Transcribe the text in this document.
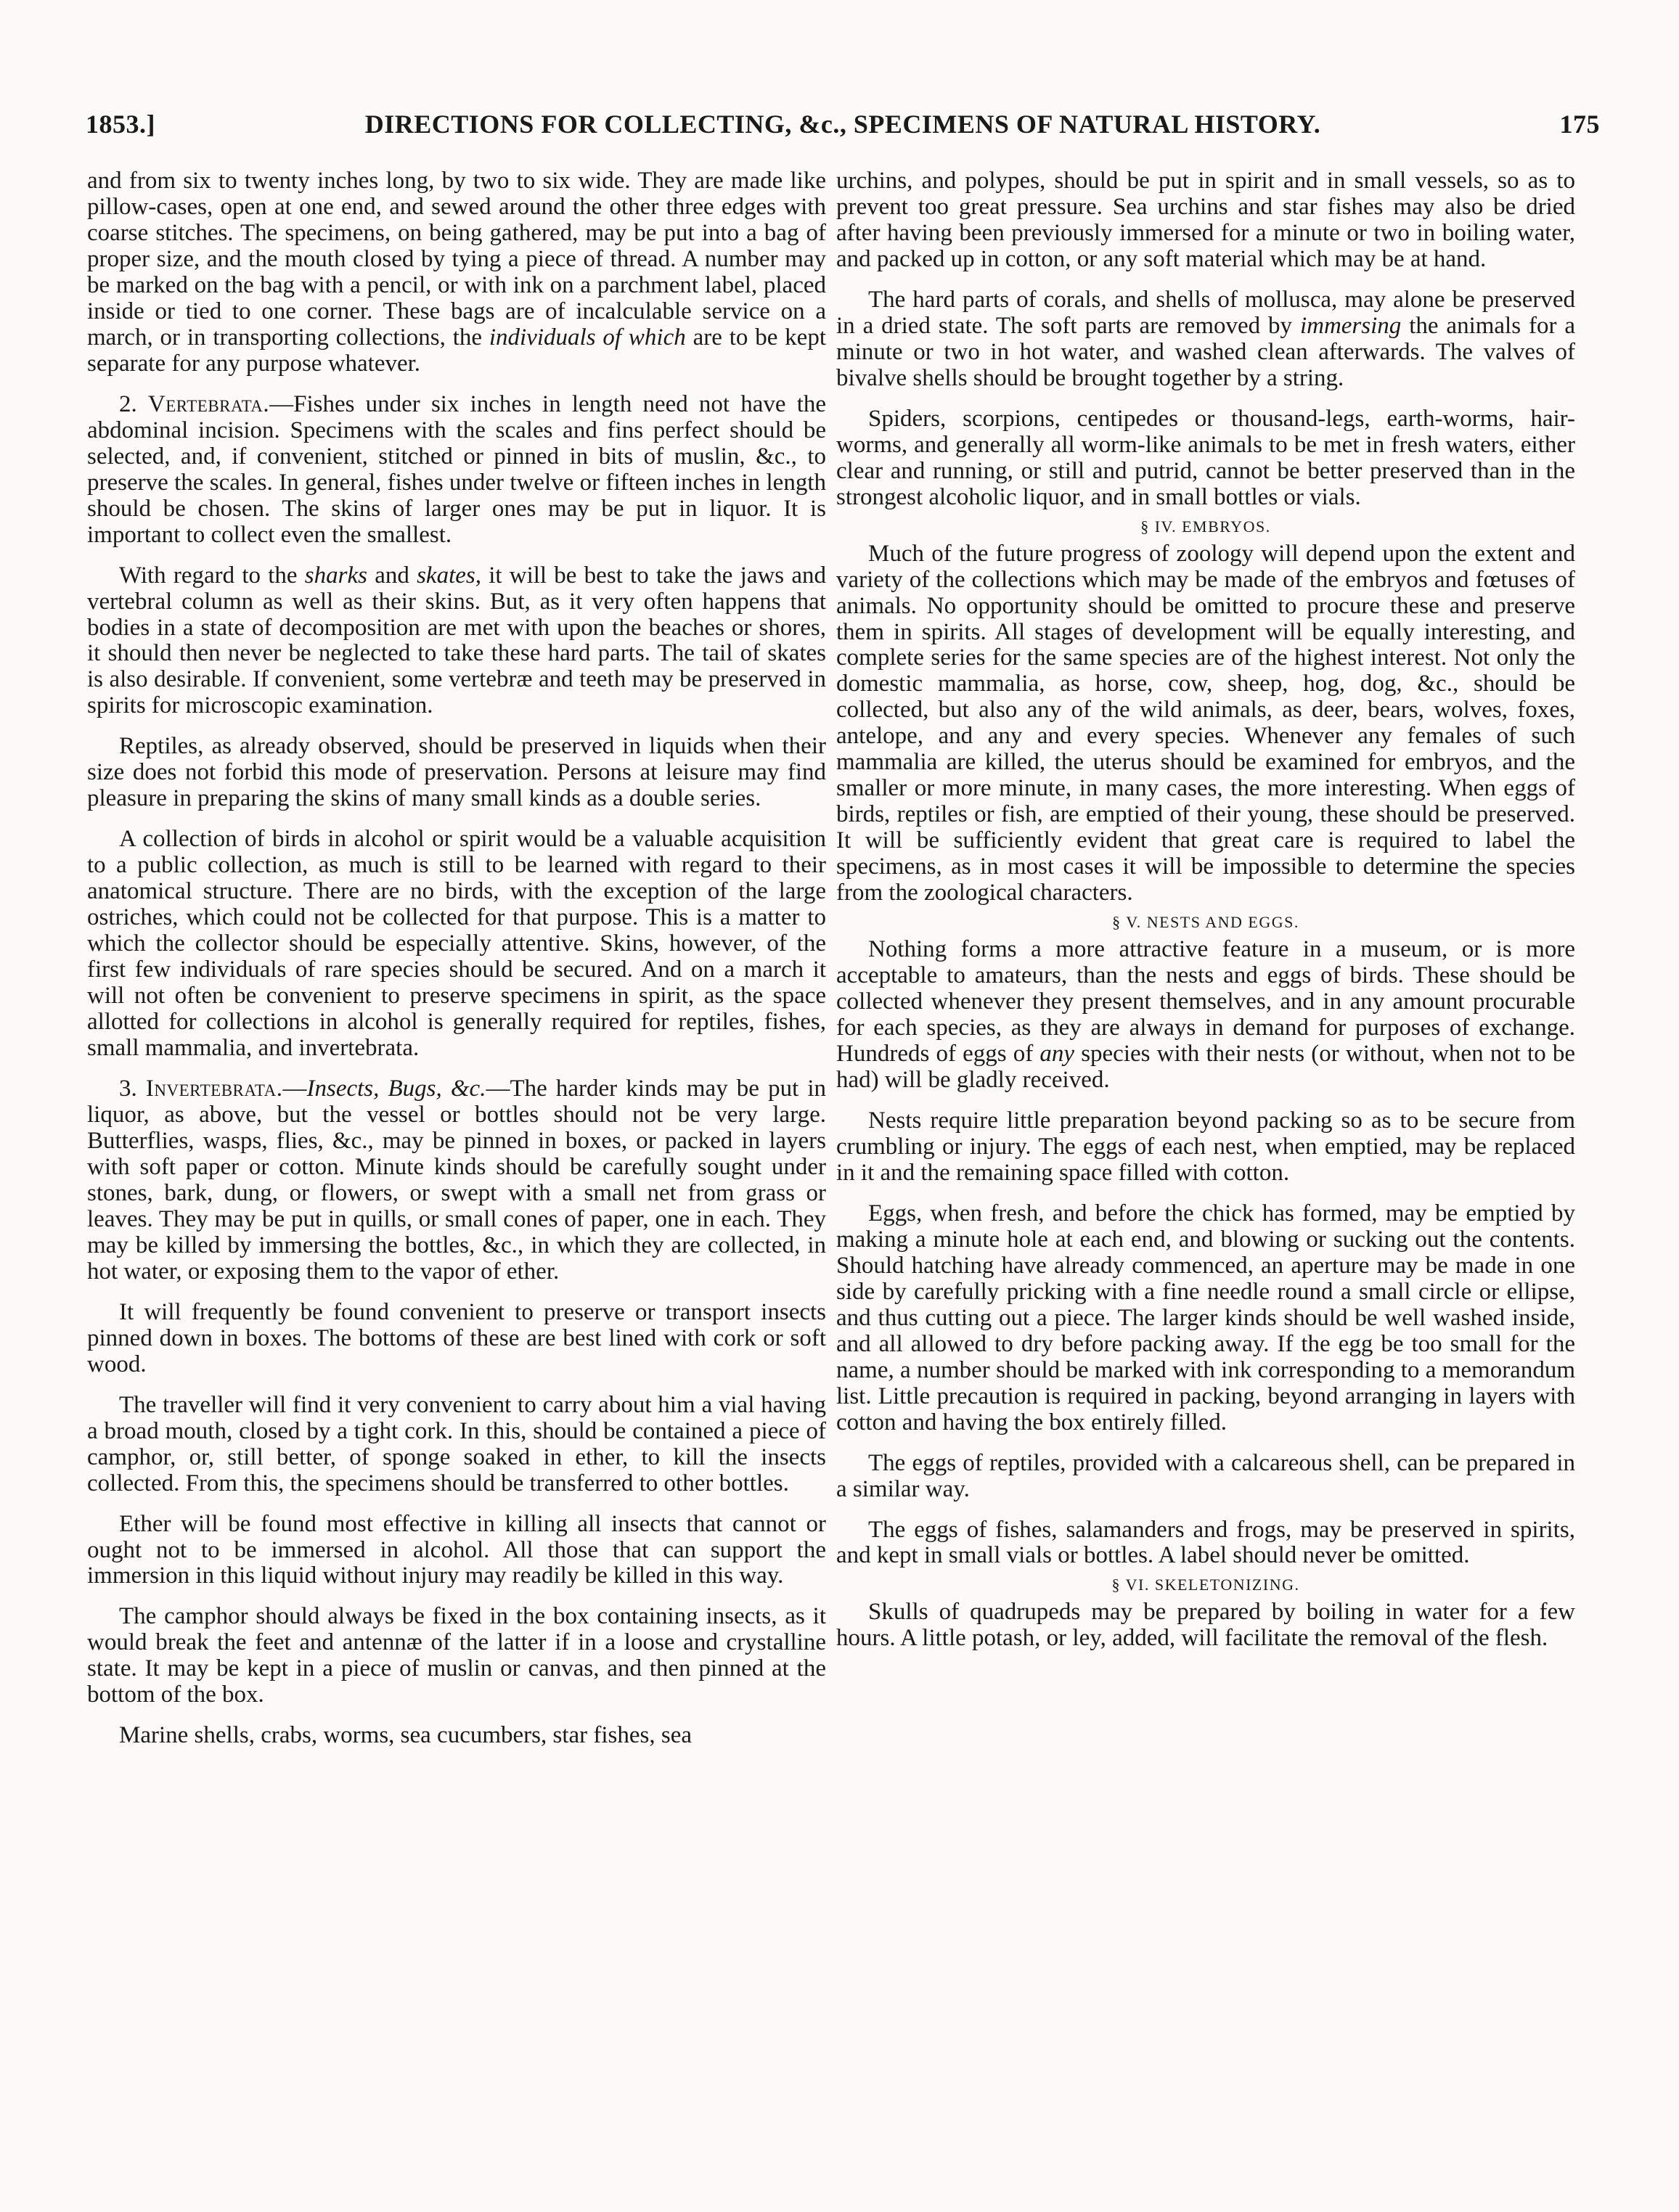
1853.]	DIRECTIONS FOR COLLECTING, &c., SPECIMENS OF NATURAL HISTORY.	175

and from six to twenty inches long, by two to six wide. They are made like pillow-cases, open at one end, and sewed around the other three edges with coarse stitches. The specimens, on being gathered, may be put into a bag of proper size, and the mouth closed by tying a piece of thread. A number may be marked on the bag with a pencil, or with ink on a parchment label, placed inside or tied to one corner. These bags are of incalculable service on a march, or in transporting collections, the individuals of which are to be kept separate for any purpose whatever.

2. Vertebrata.—Fishes under six inches in length need not have the abdominal incision. Specimens with the scales and fins perfect should be selected, and, if convenient, stitched or pinned in bits of muslin, &c., to preserve the scales. In general, fishes under twelve or fifteen inches in length should be chosen. The skins of larger ones may be put in liquor. It is important to collect even the smallest.

With regard to the sharks and skates, it will be best to take the jaws and vertebral column as well as their skins. But, as it very often happens that bodies in a state of decomposition are met with upon the beaches or shores, it should then never be neglected to take these hard parts. The tail of skates is also desirable. If convenient, some vertebræ and teeth may be preserved in spirits for microscopic examination.

Reptiles, as already observed, should be preserved in liquids when their size does not forbid this mode of preservation. Persons at leisure may find pleasure in preparing the skins of many small kinds as a double series.

A collection of birds in alcohol or spirit would be a valuable acquisition to a public collection, as much is still to be learned with regard to their anatomical structure. There are no birds, with the exception of the large ostriches, which could not be collected for that purpose. This is a matter to which the collector should be especially attentive. Skins, however, of the first few individuals of rare species should be secured. And on a march it will not often be convenient to preserve specimens in spirit, as the space allotted for collections in alcohol is generally required for reptiles, fishes, small mammalia, and invertebrata.

3. Invertebrata.—Insects, Bugs, &c.—The harder kinds may be put in liquor, as above, but the vessel or bottles should not be very large. Butterflies, wasps, flies, &c., may be pinned in boxes, or packed in layers with soft paper or cotton. Minute kinds should be carefully sought under stones, bark, dung, or flowers, or swept with a small net from grass or leaves. They may be put in quills, or small cones of paper, one in each. They may be killed by immersing the bottles, &c., in which they are collected, in hot water, or exposing them to the vapor of ether.

It will frequently be found convenient to preserve or transport insects pinned down in boxes. The bottoms of these are best lined with cork or soft wood.

The traveller will find it very convenient to carry about him a vial having a broad mouth, closed by a tight cork. In this, should be contained a piece of camphor, or, still better, of sponge soaked in ether, to kill the insects collected. From this, the specimens should be transferred to other bottles.

Ether will be found most effective in killing all insects that cannot or ought not to be immersed in alcohol. All those that can support the immersion in this liquid without injury may readily be killed in this way.

The camphor should always be fixed in the box containing insects, as it would break the feet and antennæ of the latter if in a loose and crystalline state. It may be kept in a piece of muslin or canvas, and then pinned at the bottom of the box.

Marine shells, crabs, worms, sea cucumbers, star fishes, sea

urchins, and polypes, should be put in spirit and in small vessels, so as to prevent too great pressure. Sea urchins and star fishes may also be dried after having been previously immersed for a minute or two in boiling water, and packed up in cotton, or any soft material which may be at hand.

The hard parts of corals, and shells of mollusca, may alone be preserved in a dried state. The soft parts are removed by immersing the animals for a minute or two in hot water, and washed clean afterwards. The valves of bivalve shells should be brought together by a string.

Spiders, scorpions, centipedes or thousand-legs, earth-worms, hair-worms, and generally all worm-like animals to be met in fresh waters, either clear and running, or still and putrid, cannot be better preserved than in the strongest alcoholic liquor, and in small bottles or vials.

§ IV. EMBRYOS.

Much of the future progress of zoology will depend upon the extent and variety of the collections which may be made of the embryos and fœtuses of animals. No opportunity should be omitted to procure these and preserve them in spirits. All stages of development will be equally interesting, and complete series for the same species are of the highest interest. Not only the domestic mammalia, as horse, cow, sheep, hog, dog, &c., should be collected, but also any of the wild animals, as deer, bears, wolves, foxes, antelope, and any and every species. Whenever any females of such mammalia are killed, the uterus should be examined for embryos, and the smaller or more minute, in many cases, the more interesting. When eggs of birds, reptiles or fish, are emptied of their young, these should be preserved. It will be sufficiently evident that great care is required to label the specimens, as in most cases it will be impossible to determine the species from the zoological characters.

§ V. NESTS AND EGGS.

Nothing forms a more attractive feature in a museum, or is more acceptable to amateurs, than the nests and eggs of birds. These should be collected whenever they present themselves, and in any amount procurable for each species, as they are always in demand for purposes of exchange. Hundreds of eggs of any species with their nests (or without, when not to be had) will be gladly received.

Nests require little preparation beyond packing so as to be secure from crumbling or injury. The eggs of each nest, when emptied, may be replaced in it and the remaining space filled with cotton.

Eggs, when fresh, and before the chick has formed, may be emptied by making a minute hole at each end, and blowing or sucking out the contents. Should hatching have already commenced, an aperture may be made in one side by carefully pricking with a fine needle round a small circle or ellipse, and thus cutting out a piece. The larger kinds should be well washed inside, and all allowed to dry before packing away. If the egg be too small for the name, a number should be marked with ink corresponding to a memorandum list. Little precaution is required in packing, beyond arranging in layers with cotton and having the box entirely filled.

The eggs of reptiles, provided with a calcareous shell, can be prepared in a similar way.

The eggs of fishes, salamanders and frogs, may be preserved in spirits, and kept in small vials or bottles. A label should never be omitted.

§ VI. SKELETONIZING.

Skulls of quadrupeds may be prepared by boiling in water for a few hours. A little potash, or ley, added, will facilitate the removal of the flesh.
